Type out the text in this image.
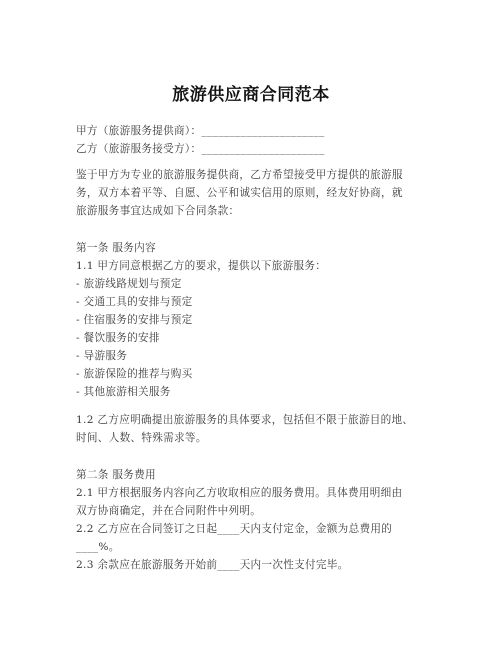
旅游供应商合同范本
甲方（旅游服务提供商）：______________________
乙方（旅游服务接受方）：______________________
鉴于甲方为专业的旅游服务提供商，乙方希望接受甲方提供的旅游服
务，双方本着平等、自愿、公平和诚实信用的原则，经友好协商，就
旅游服务事宜达成如下合同条款：
第一条 服务内容
1.1 甲方同意根据乙方的要求，提供以下旅游服务：
- 旅游线路规划与预定
- 交通工具的安排与预定
- 住宿服务的安排与预定
- 餐饮服务的安排
- 导游服务
- 旅游保险的推荐与购买
- 其他旅游相关服务
1.2 乙方应明确提出旅游服务的具体要求，包括但不限于旅游目的地、
时间、人数、特殊需求等。
第二条 服务费用
2.1 甲方根据服务内容向乙方收取相应的服务费用。具体费用明细由
双方协商确定，并在合同附件中列明。
2.2 乙方应在合同签订之日起____天内支付定金，金额为总费用的
____%。
2.3 余款应在旅游服务开始前____天内一次性支付完毕。
